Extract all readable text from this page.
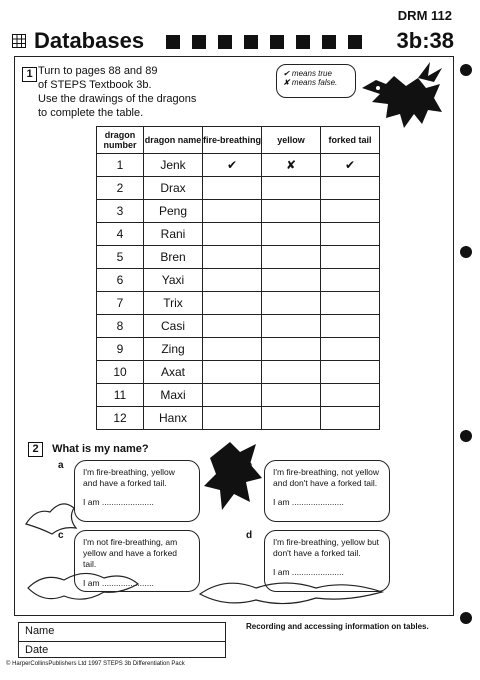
DRM 112
Databases	3b:38
1 Turn to pages 88 and 89
of STEPS Textbook 3b.
Use the drawings of the dragons
to complete the table.
✔ means true
✘ means false.
dragon number	dragon name	fire-breathing	yellow	forked tail
1	Jenk	✔	✘	✔
2	Drax			
3	Peng			
4	Rani			
5	Bren			
6	Yaxi			
7	Trix			
8	Casi			
9	Zing			
10	Axat			
11	Maxi			
12	Hanx			
2 What is my name?
a
I'm fire-breathing, yellow and have a forked tail.
I am ......................
I'm fire-breathing, not yellow and don't have a forked tail.
I am ......................
c
I'm not fire-breathing, am yellow and have a forked tail.
I am ......................
d
I'm fire-breathing, yellow but don't have a forked tail.
I am ......................
Name
Date
Recording and accessing information on tables.
© HarperCollinsPublishers Ltd 1997 STEPS 3b Differentiation Pack
